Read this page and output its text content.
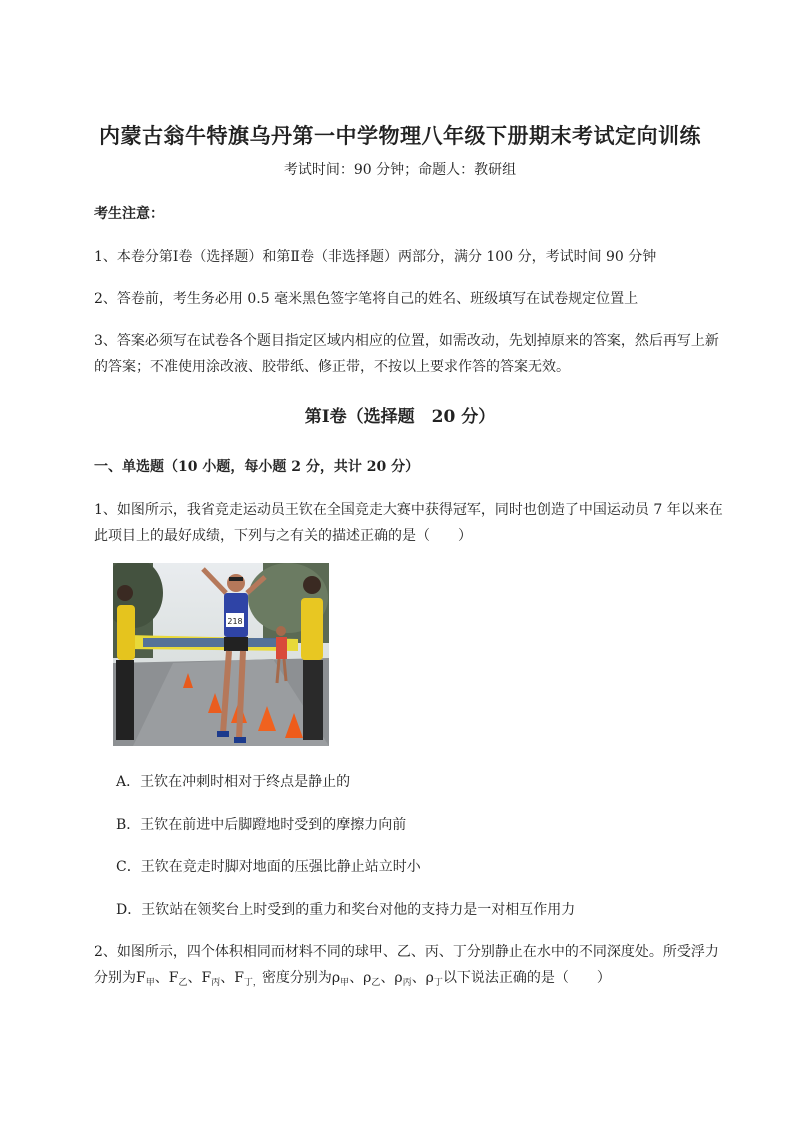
内蒙古翁牛特旗乌丹第一中学物理八年级下册期末考试定向训练
考试时间：90 分钟；命题人：教研组
考生注意：
1、本卷分第Ⅰ卷（选择题）和第Ⅱ卷（非选择题）两部分，满分 100 分，考试时间 90 分钟
2、答卷前，考生务必用 0.5 毫米黑色签字笔将自己的姓名、班级填写在试卷规定位置上
3、答案必须写在试卷各个题目指定区域内相应的位置，如需改动，先划掉原来的答案，然后再写上新
的答案；不准使用涂改液、胶带纸、修正带，不按以上要求作答的答案无效。
第Ⅰ卷（选择题　20 分）
一、单选题（10 小题，每小题 2 分，共计 20 分）
1、如图所示，我省竞走运动员王钦在全国竞走大赛中获得冠军，同时也创造了中国运动员 7 年以来在
此项目上的最好成绩，下列与之有关的描述正确的是（　　）
218
A．王钦在冲刺时相对于终点是静止的
B．王钦在前进中后脚蹬地时受到的摩擦力向前
C．王钦在竞走时脚对地面的压强比静止站立时小
D．王钦站在领奖台上时受到的重力和奖台对他的支持力是一对相互作用力
2、如图所示，四个体积相同而材料不同的球甲、乙、丙、丁分别静止在水中的不同深度处。所受浮力
分别为$F_甲$、$F_乙$、$F_丙$、$F_{丁,}$密度分别为$\rho_甲$、$\rho_乙$、$\rho_丙$、$\rho_丁$以下说法正确的是（　　）
